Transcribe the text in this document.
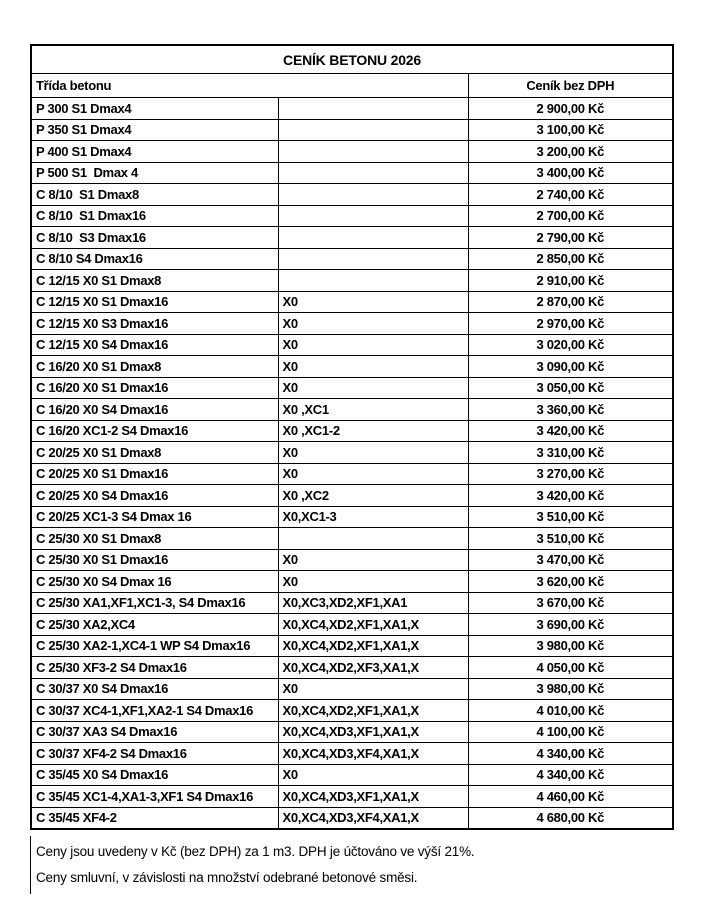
CENÍK BETONU 2026		
Třída betonu		Ceník bez DPH
P 300 S1 Dmax4		2 900,00 Kč
P 350 S1 Dmax4		3 100,00 Kč
P 400 S1 Dmax4		3 200,00 Kč
P 500 S1  Dmax 4		3 400,00 Kč
C 8/10  S1 Dmax8		2 740,00 Kč
C 8/10  S1 Dmax16		2 700,00 Kč
C 8/10  S3 Dmax16		2 790,00 Kč
C 8/10 S4 Dmax16		2 850,00 Kč
C 12/15 X0 S1 Dmax8		2 910,00 Kč
C 12/15 X0 S1 Dmax16	X0	2 870,00 Kč
C 12/15 X0 S3 Dmax16	X0	2 970,00 Kč
C 12/15 X0 S4 Dmax16	X0	3 020,00 Kč
C 16/20 X0 S1 Dmax8	X0	3 090,00 Kč
C 16/20 X0 S1 Dmax16	X0	3 050,00 Kč
C 16/20 X0 S4 Dmax16	X0 ,XC1	3 360,00 Kč
C 16/20 XC1-2 S4 Dmax16	X0 ,XC1-2	3 420,00 Kč
C 20/25 X0 S1 Dmax8	X0	3 310,00 Kč
C 20/25 X0 S1 Dmax16	X0	3 270,00 Kč
C 20/25 X0 S4 Dmax16	X0 ,XC2	3 420,00 Kč
C 20/25 XC1-3 S4 Dmax 16	X0,XC1-3	3 510,00 Kč
C 25/30 X0 S1 Dmax8		3 510,00 Kč
C 25/30 X0 S1 Dmax16	X0	3 470,00 Kč
C 25/30 X0 S4 Dmax 16	X0	3 620,00 Kč
C 25/30 XA1,XF1,XC1-3, S4 Dmax16	X0,XC3,XD2,XF1,XA1	3 670,00 Kč
C 25/30 XA2,XC4	X0,XC4,XD2,XF1,XA1,X	3 690,00 Kč
C 25/30 XA2-1,XC4-1 WP S4 Dmax16	X0,XC4,XD2,XF1,XA1,X	3 980,00 Kč
C 25/30 XF3-2 S4 Dmax16	X0,XC4,XD2,XF3,XA1,X	4 050,00 Kč
C 30/37 X0 S4 Dmax16	X0	3 980,00 Kč
C 30/37 XC4-1,XF1,XA2-1 S4 Dmax16	X0,XC4,XD2,XF1,XA1,X	4 010,00 Kč
C 30/37 XA3 S4 Dmax16	X0,XC4,XD3,XF1,XA1,X	4 100,00 Kč
C 30/37 XF4-2 S4 Dmax16	X0,XC4,XD3,XF4,XA1,X	4 340,00 Kč
C 35/45 X0 S4 Dmax16	X0	4 340,00 Kč
C 35/45 XC1-4,XA1-3,XF1 S4 Dmax16	X0,XC4,XD3,XF1,XA1,X	4 460,00 Kč
C 35/45 XF4-2	X0,XC4,XD3,XF4,XA1,X	4 680,00 Kč
Ceny jsou uvedeny v Kč (bez DPH) za 1 m3. DPH je účtováno ve výší 21%.
Ceny smluvní, v závislosti na množství odebrané betonové směsi.
